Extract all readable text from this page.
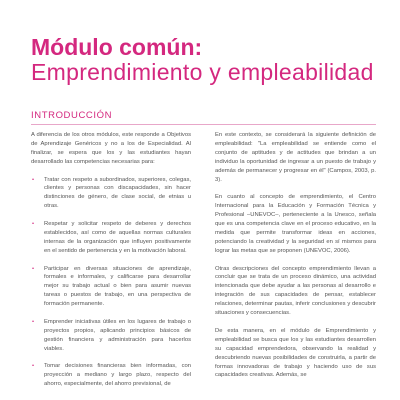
Módulo común:
Emprendimiento y empleabilidad
INTRODUCCIÓN

A diferencia de los otros módulos, este responde a Objetivos de Aprendizaje Genéricos y no a los de Especialidad. Al finalizar, se espera que los y las estudiantes hayan desarrollado las competencias necesarias para:

• Tratar con respeto a subordinados, superiores, colegas, clientes y personas con discapacidades, sin hacer distinciones de género, de clase social, de etnias u otras.
• Respetar y solicitar respeto de deberes y derechos establecidos, así como de aquellas normas culturales internas de la organización que influyen positivamente en el sentido de pertenencia y en la motivación laboral.
• Participar en diversas situaciones de aprendizaje, formales e informales, y calificarse para desarrollar mejor su trabajo actual o bien para asumir nuevas tareas o puestos de trabajo, en una perspectiva de formación permanente.
• Emprender iniciativas útiles en los lugares de trabajo o proyectos propios, aplicando principios básicos de gestión financiera y administración para hacerlos viables.
• Tomar decisiones financieras bien informadas, con proyección a mediano y largo plazo, respecto del ahorro, especialmente, del ahorro previsional, de

En este contexto, se considerará la siguiente definición de empleabilidad: "La empleabilidad se entiende como el conjunto de aptitudes y de actitudes que brindan a un individuo la oportunidad de ingresar a un puesto de trabajo y además de permanecer y progresar en él" (Campos, 2003, p. 3).

En cuanto al concepto de emprendimiento, el Centro Internacional para la Educación y Formación Técnica y Profesional –UNEVOC–, perteneciente a la Unesco, señala que es una competencia clave en el proceso educativo, en la medida que permite transformar ideas en acciones, potenciando la creatividad y la seguridad en sí mismos para lograr las metas que se proponen (UNEVOC, 2006).

Otras descripciones del concepto emprendimiento llevan a concluir que se trata de un proceso dinámico, una actividad intencionada que debe ayudar a las personas al desarrollo e integración de sus capacidades de pensar, establecer relaciones, determinar pautas, inferir conclusiones y descubrir situaciones y consecuencias.

De esta manera, en el módulo de Emprendimiento y empleabilidad se busca que los y las estudiantes desarrollen su capacidad emprendedora, observando la realidad y descubriendo nuevas posibilidades de construirla, a partir de formas innovadoras de trabajo y haciendo uso de sus capacidades creativas. Además, se
